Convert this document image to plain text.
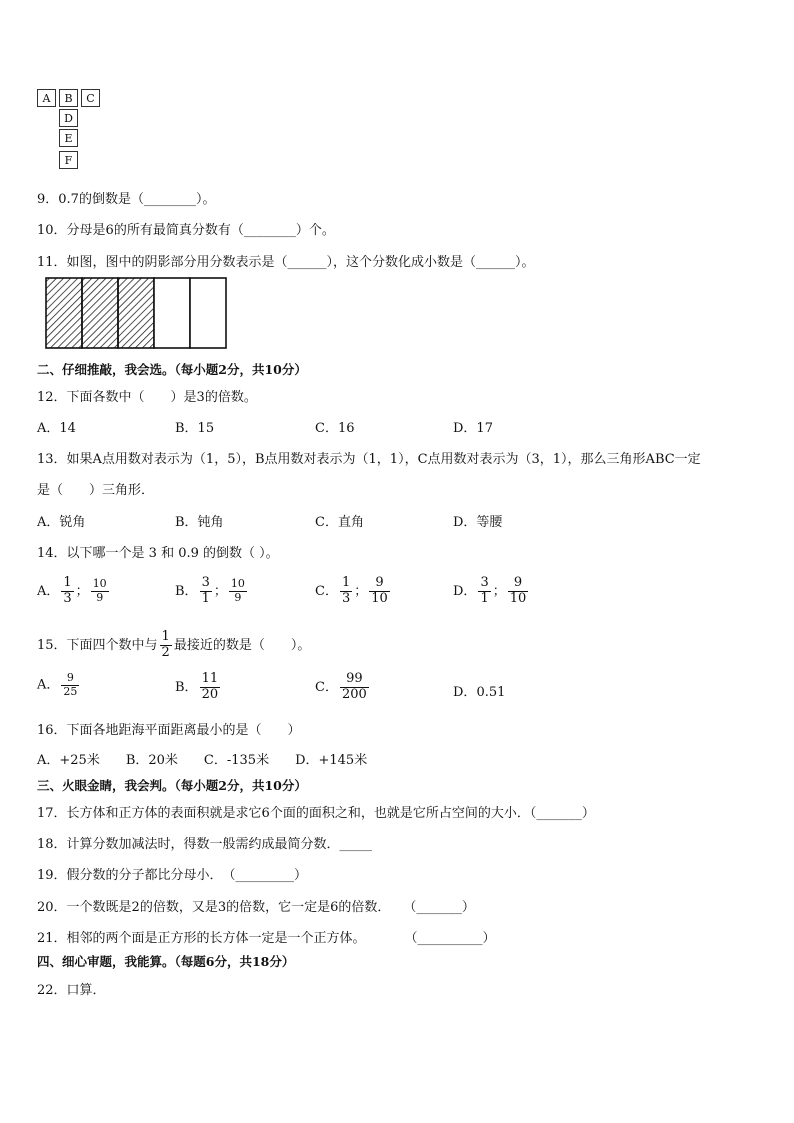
A	B	C
D
E
F
9．0.7的倒数是（________）。
10．分母是6的所有最简真分数有（________）个。
11．如图，图中的阴影部分用分数表示是（______），这个分数化成小数是（______）。
二、仔细推敲，我会选。（每小题2分，共10分）
12．下面各数中（　　）是3的倍数。
A．14	B．15	C．16	D．17
13．如果A点用数对表示为（1，5），B点用数对表示为（1，1），C点用数对表示为（3，1），那么三角形ABC一定
是（　　）三角形．
A．锐角	B．钝角	C．直角	D．等腰
14．以下哪一个是 3 和 0.9 的倒数（ ）。
A． $\frac{1}{3}$ ； $\frac{10}{9}$	B． $\frac{3}{1}$ ； $\frac{10}{9}$	C． $\frac{1}{3}$ ； $\frac{9}{10}$	D． $\frac{3}{1}$ ； $\frac{9}{10}$
15．下面四个数中与 $\frac{1}{2}$ 最接近的数是（　　）。
A． $\frac{9}{25}$	B． $\frac{11}{20}$	C． $\frac{99}{200}$	D．0.51
16．下面各地距海平面距离最小的是（　　）
A．+25米　　B．20米　　C．-135米　　D．+145米
三、火眼金睛，我会判。（每小题2分，共10分）
17．长方体和正方体的表面积就是求它6个面的面积之和，也就是它所占空间的大小．（_______）
18．计算分数加减法时，得数一般需约成最简分数．_____
19．假分数的分子都比分母小．　（_________）
20．一个数既是2的倍数，又是3的倍数，它一定是6的倍数．　　（_______）
21．相邻的两个面是正方形的长方体一定是一个正方体。　　　　（__________）
四、细心审题，我能算。（每题6分，共18分）
22．口算．
